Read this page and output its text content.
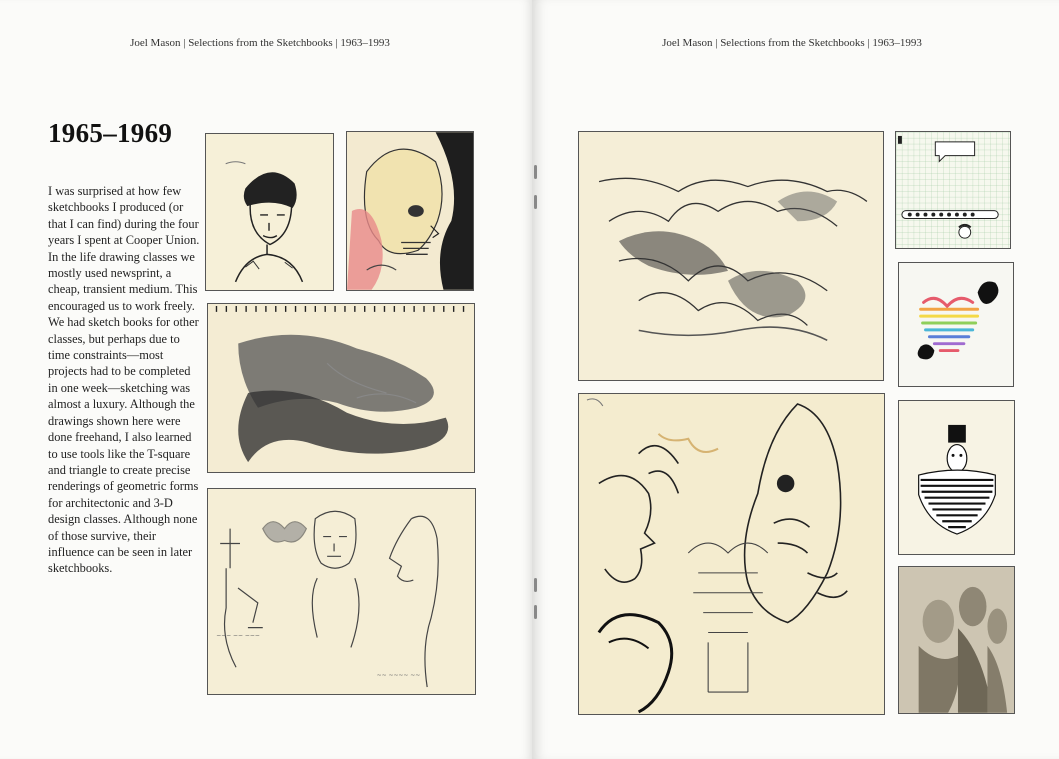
Joel Mason | Selections from the Sketchbooks | 1963–1993
1965–1969

I was surprised at how few sketchbooks I produced (or that I can find) during the four years I spent at Cooper Union. In the life drawing classes we mostly used newsprint, a cheap, transient medium. This encouraged us to work freely. We had sketch books for other classes, but perhaps due to time constraints—most projects had to be completed in one week—sketching was almost a luxury. Although the drawings shown here were done freehand, I also learned to use tools like the T-square and triangle to create precise renderings of geometric forms for architectonic and 3-D design classes. Although none of those survive, their influence can be seen in later sketchbooks.

~~~ ~~ ~~~
~~ ~~~~ ~~
Joel Mason | Selections from the Sketchbooks | 1963–1993
